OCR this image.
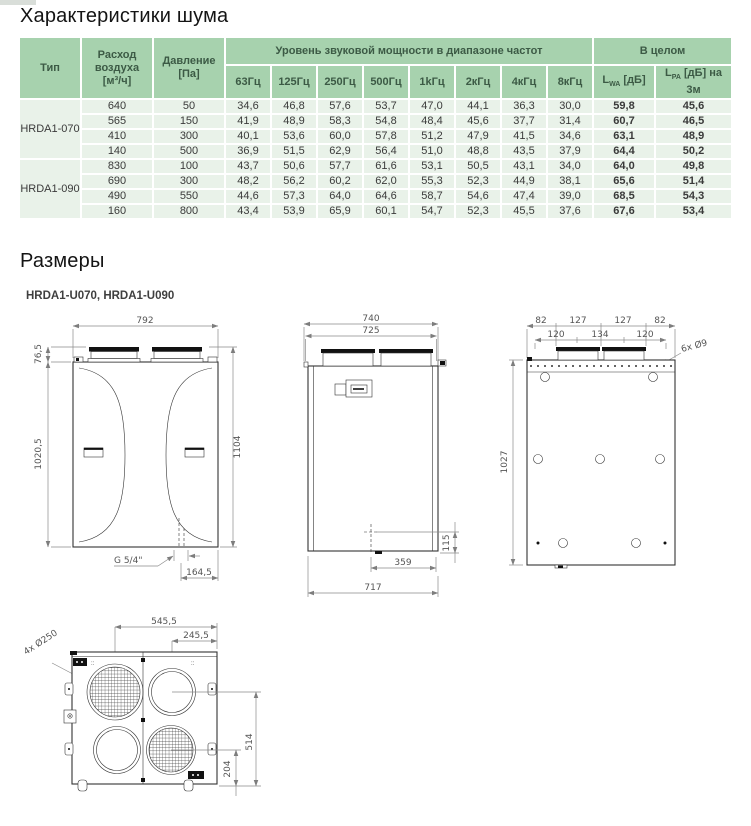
Характеристики шума
Тип	Расход воздуха [м³/ч]	Давление [Па]	Уровень звуковой мощности в диапазоне частот								В целом	
			63Гц	125Гц	250Гц	500Гц	1kГц	2кГц	4кГц	8кГц	$L_{WA}$ [дБ]	$L_{PA}$ [дБ] на 3м
HRDA1-070	640	50	34,6	46,8	57,6	53,7	47,0	44,1	36,3	30,0	59,8	45,6
	565	150	41,9	48,9	58,3	54,8	48,4	45,6	37,7	31,4	60,7	46,5
	410	300	40,1	53,6	60,0	57,8	51,2	47,9	41,5	34,6	63,1	48,9
	140	500	36,9	51,5	62,9	56,4	51,0	48,8	43,5	37,9	64,4	50,2
HRDA1-090	830	100	43,7	50,6	57,7	61,6	53,1	50,5	43,1	34,0	64,0	49,8
	690	300	48,2	56,2	60,2	62,0	55,3	52,3	44,9	38,1	65,6	51,4
	490	550	44,6	57,3	64,0	64,6	58,7	54,6	47,4	39,0	68,5	54,3
	160	800	43,4	53,9	65,9	60,1	54,7	52,3	45,5	37,6	67,6	53,4
Размеры
HRDA1-U070, HRDA1-U090
792
76,5
1020,5	1104
G 5/4"
164,5
740
725
115
359
717
82	127	127	82
120	134	120
6x Ø9
1027
545,5
245,5
4x Ø250
::	::
514
204
